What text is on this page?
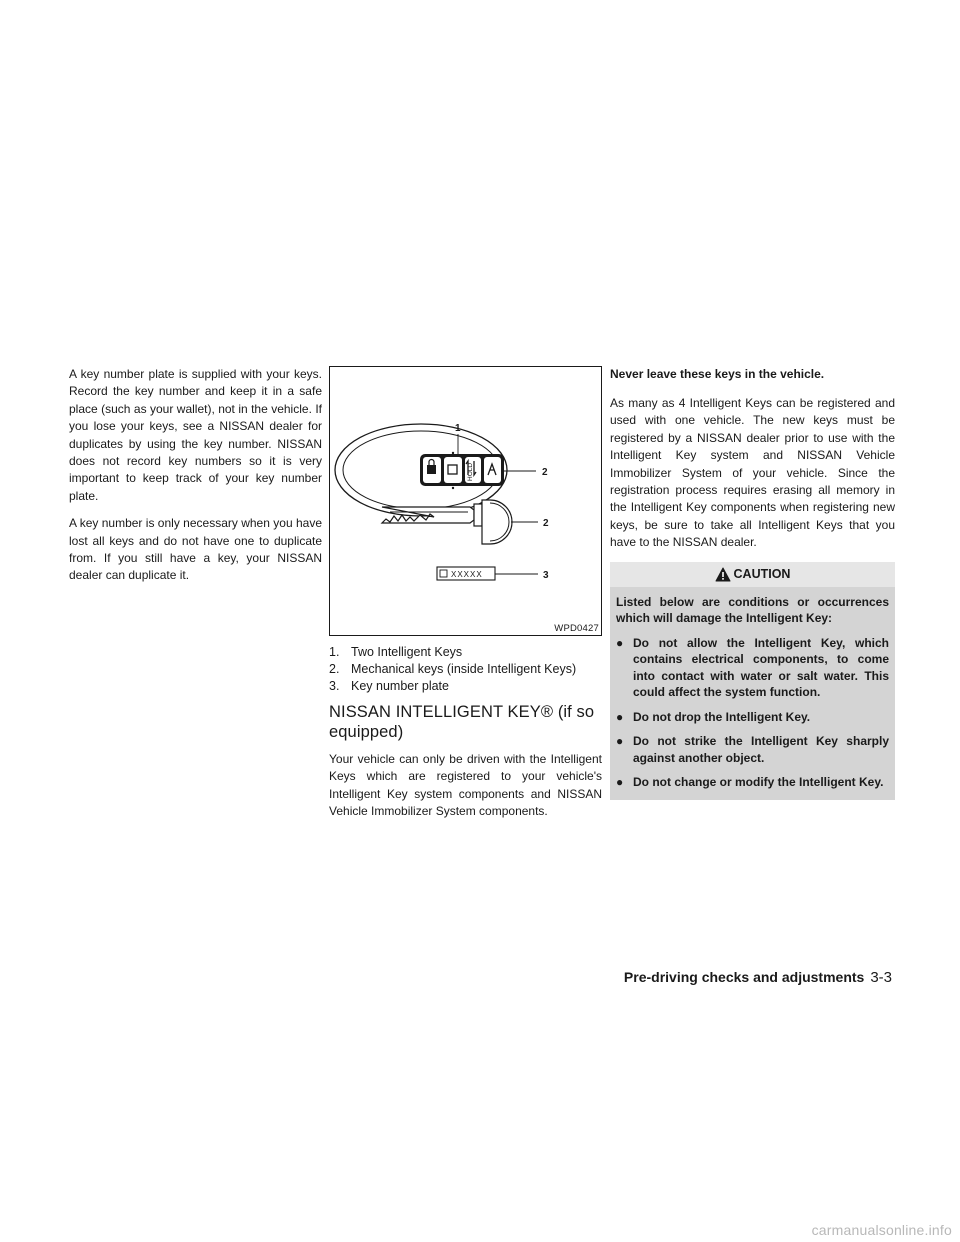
A key number plate is supplied with your keys. Record the key number and keep it in a safe place (such as your wallet), not in the vehicle. If you lose your keys, see a NISSAN dealer for duplicates by using the key number. NISSAN does not record key numbers so it is very important to keep track of your key number plate.

A key number is only necessary when you have lost all keys and do not have one to duplicate from. If you still have a key, your NISSAN dealer can duplicate it.

HOLD
XXXXX
1
2
2
3
WPD0427
1. Two Intelligent Keys
2. Mechanical keys (inside Intelligent Keys)
3. Key number plate
NISSAN INTELLIGENT KEY® (if so equipped)

Your vehicle can only be driven with the Intelligent Keys which are registered to your vehicle's Intelligent Key system components and NISSAN Vehicle Immobilizer System components.

Never leave these keys in the vehicle.

As many as 4 Intelligent Keys can be registered and used with one vehicle. The new keys must be registered by a NISSAN dealer prior to use with the Intelligent Key system and NISSAN Vehicle Immobilizer System of your vehicle. Since the registration process requires erasing all memory in the Intelligent Key components when registering new keys, be sure to take all Intelligent Keys that you have to the NISSAN dealer.

CAUTION

Listed below are conditions or occurrences which will damage the Intelligent Key:

● Do not allow the Intelligent Key, which contains electrical components, to come into contact with water or salt water. This could affect the system function.
● Do not drop the Intelligent Key.
● Do not strike the Intelligent Key sharply against another object.
● Do not change or modify the Intelligent Key.
Pre-driving checks and adjustments 3-3
carmanualsonline.info
